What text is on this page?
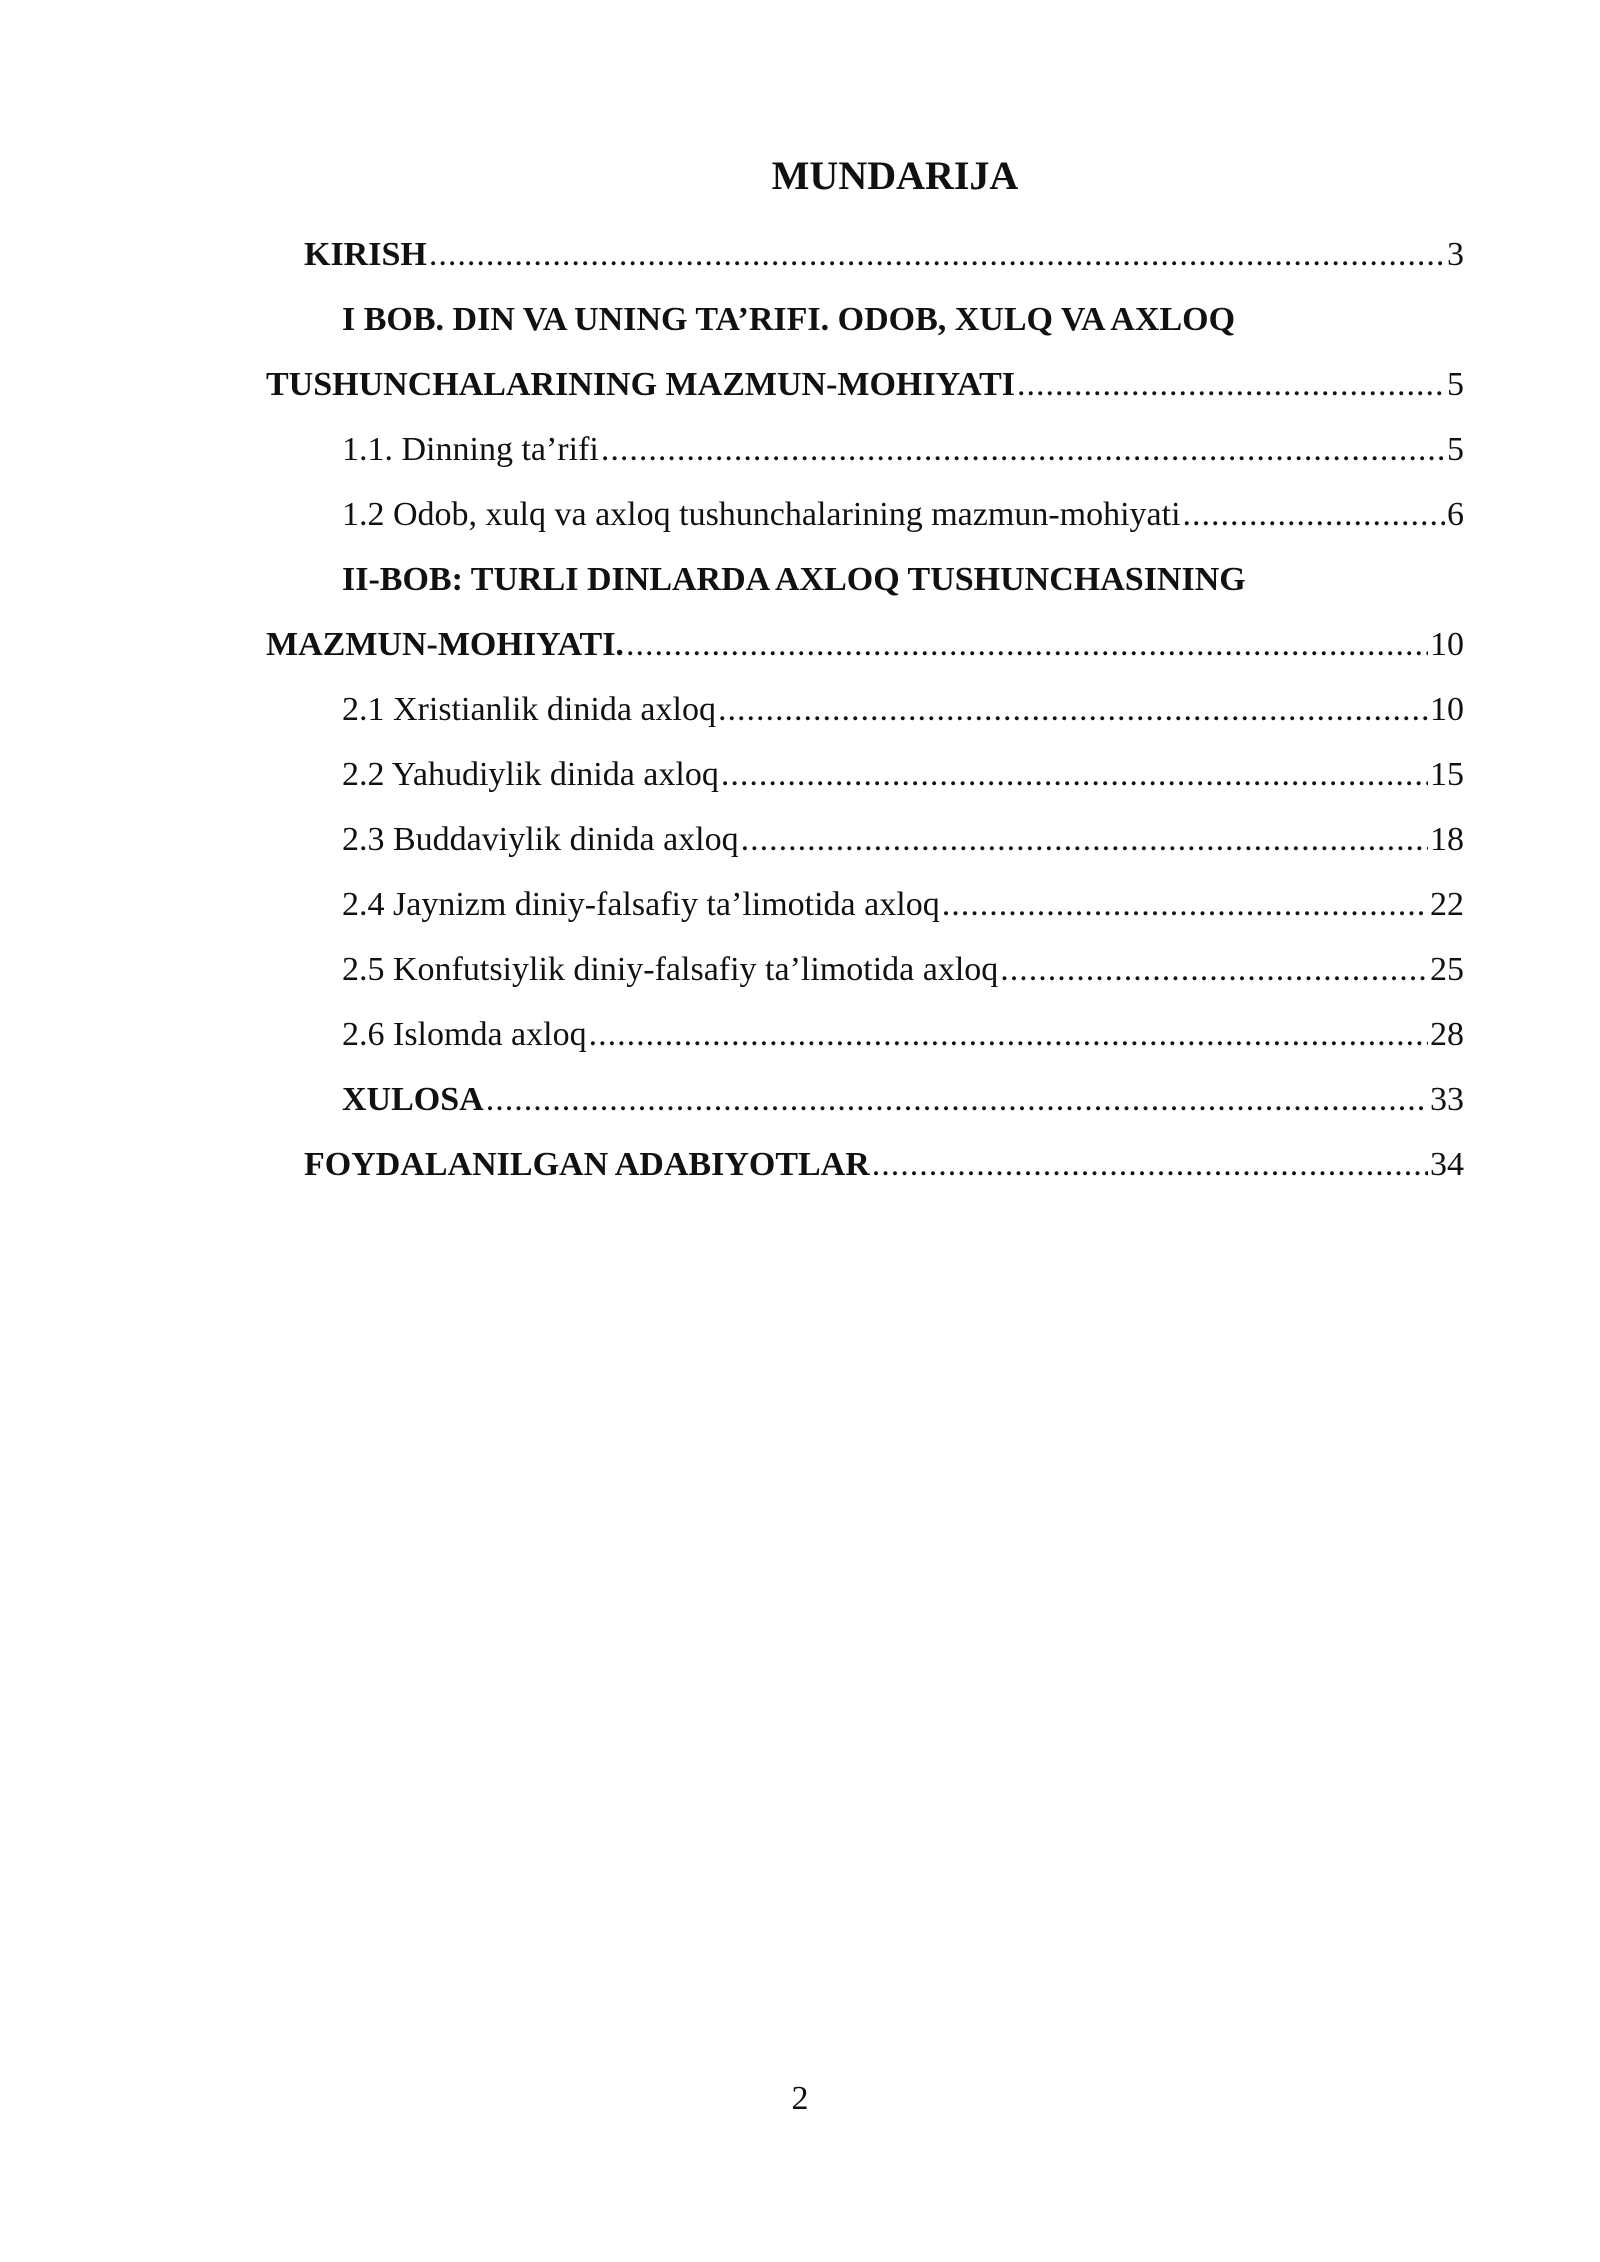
MUNDARIJA
KIRISH .....	3
I BOB. DIN VA UNING TA’RIFI. ODOB, XULQ VA AXLOQ
TUSHUNCHALARINING MAZMUN-MOHIYATI .....	5
1.1. Dinning ta’rifi .....	5
1.2 Odob, xulq va axloq tushunchalarining mazmun-mohiyati .....	6
II-BOB: TURLI DINLARDA AXLOQ TUSHUNCHASINING
MAZMUN-MOHIYATI. .....	10
2.1 Xristianlik dinida axloq .....	10
2.2 Yahudiylik dinida axloq .....	15
2.3 Buddaviylik dinida axloq .....	18
2.4 Jaynizm diniy-falsafiy ta’limotida axloq .....	22
2.5 Konfutsiylik diniy-falsafiy ta’limotida axloq .....	25
2.6 Islomda axloq .....	28
XULOSA .....	33
FOYDALANILGAN ADABIYOTLAR .....	34
2
